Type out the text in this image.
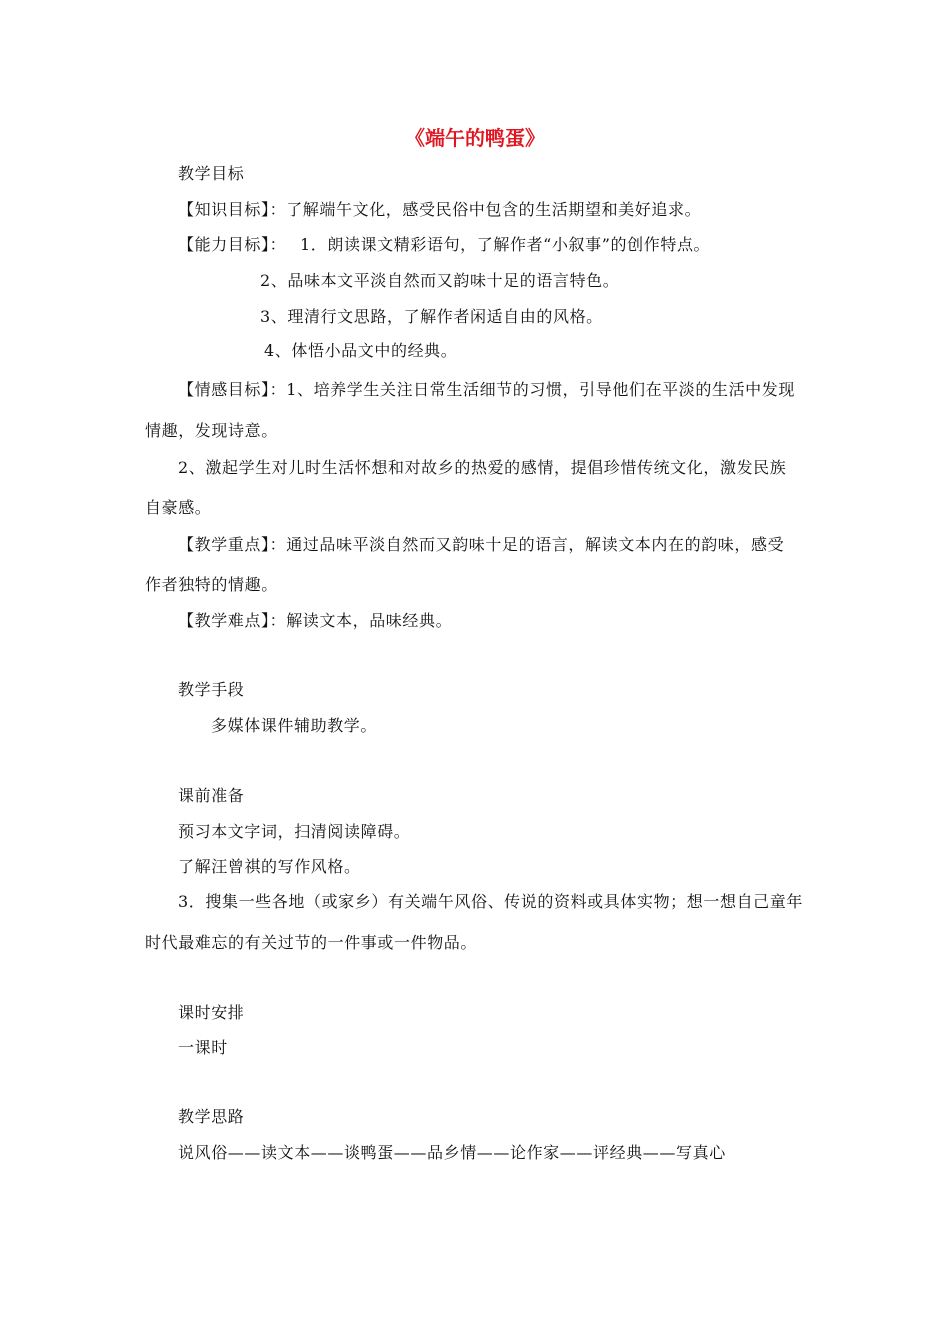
《端午的鸭蛋》
教学目标
【知识目标】：了解端午文化，感受民俗中包含的生活期望和美好追求。
【能力目标】： 1．朗读课文精彩语句，了解作者“小叙事”的创作特点。
2、品味本文平淡自然而又韵味十足的语言特色。
3、理清行文思路，了解作者闲适自由的风格。
4、体悟小品文中的经典。
【情感目标】：1、培养学生关注日常生活细节的习惯，引导他们在平淡的生活中发现
情趣，发现诗意。
2、激起学生对儿时生活怀想和对故乡的热爱的感情，提倡珍惜传统文化，激发民族
自豪感。
【教学重点】：通过品味平淡自然而又韵味十足的语言，解读文本内在的韵味，感受
作者独特的情趣。
【教学难点】：解读文本，品味经典。
教学手段
多媒体课件辅助教学。
课前准备
预习本文字词，扫清阅读障碍。
了解汪曾祺的写作风格。
3．搜集一些各地（或家乡）有关端午风俗、传说的资料或具体实物；想一想自己童年
时代最难忘的有关过节的一件事或一件物品。
课时安排
一课时
教学思路
说风俗——读文本——谈鸭蛋——品乡情——论作家——评经典——写真心
